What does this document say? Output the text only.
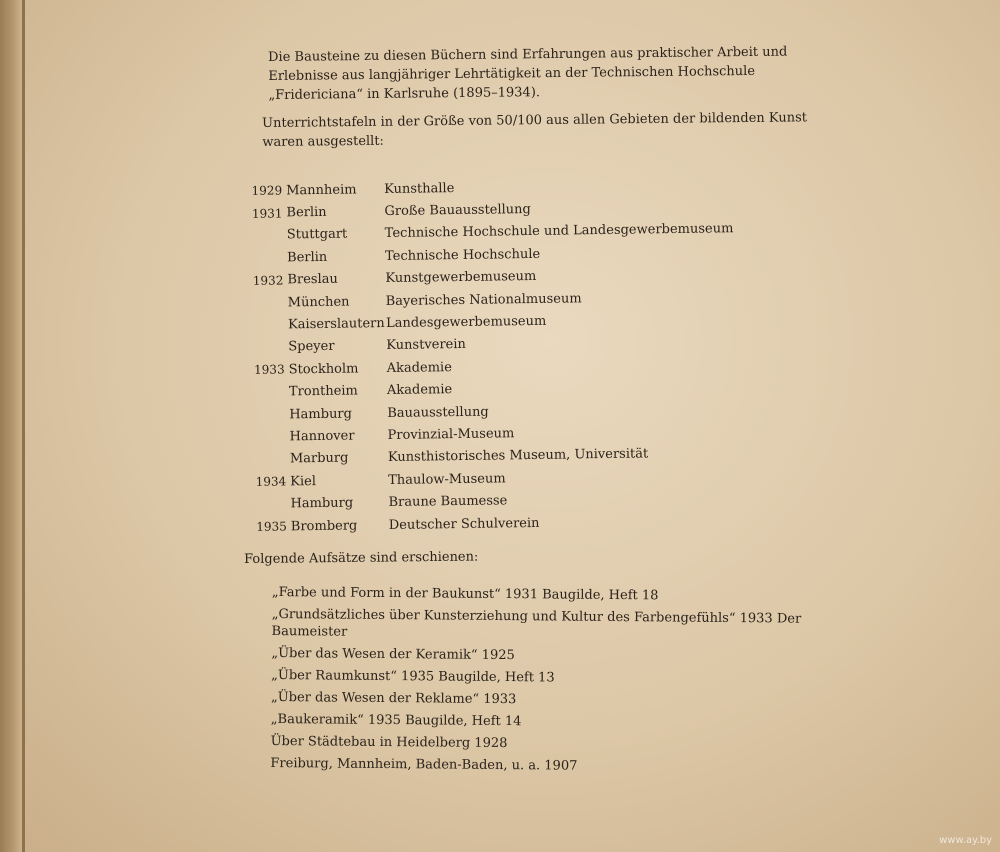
Die Bausteine zu diesen Büchern sind Erfahrungen aus praktischer Arbeit und Erlebnisse aus langjähriger Lehrtätigkeit an der Technischen Hochschule „Fridericiana“ in Karlsruhe (1895–1934).

Unterrichtstafeln in der Größe von 50/100 aus allen Gebieten der bildenden Kunst waren ausgestellt:

1929 Mannheim	Kunsthalle
1931 Berlin	Große Bauausstellung
Stuttgart	Technische Hochschule und Landesgewerbemuseum
Berlin	Technische Hochschule
1932 Breslau	Kunstgewerbemuseum
München	Bayerisches Nationalmuseum
Kaiserslautern Landesgewerbemuseum
Speyer	Kunstverein
1933 Stockholm	Akademie
Trontheim	Akademie
Hamburg	Bauausstellung
Hannover	Provinzial-Museum
Marburg	Kunsthistorisches Museum, Universität
1934 Kiel	Thaulow-Museum
Hamburg	Braune Baumesse
1935 Bromberg	Deutscher Schulverein

Folgende Aufsätze sind erschienen:

„Farbe und Form in der Baukunst“ 1931 Baugilde, Heft 18
„Grundsätzliches über Kunsterziehung und Kultur des Farbengefühls“ 1933 Der Baumeister
„Über das Wesen der Keramik“ 1925
„Über Raumkunst“ 1935 Baugilde, Heft 13
„Über das Wesen der Reklame“ 1933
„Baukeramik“ 1935 Baugilde, Heft 14
Über Städtebau in Heidelberg 1928
Freiburg, Mannheim, Baden-Baden, u. a. 1907
www.ay.by
